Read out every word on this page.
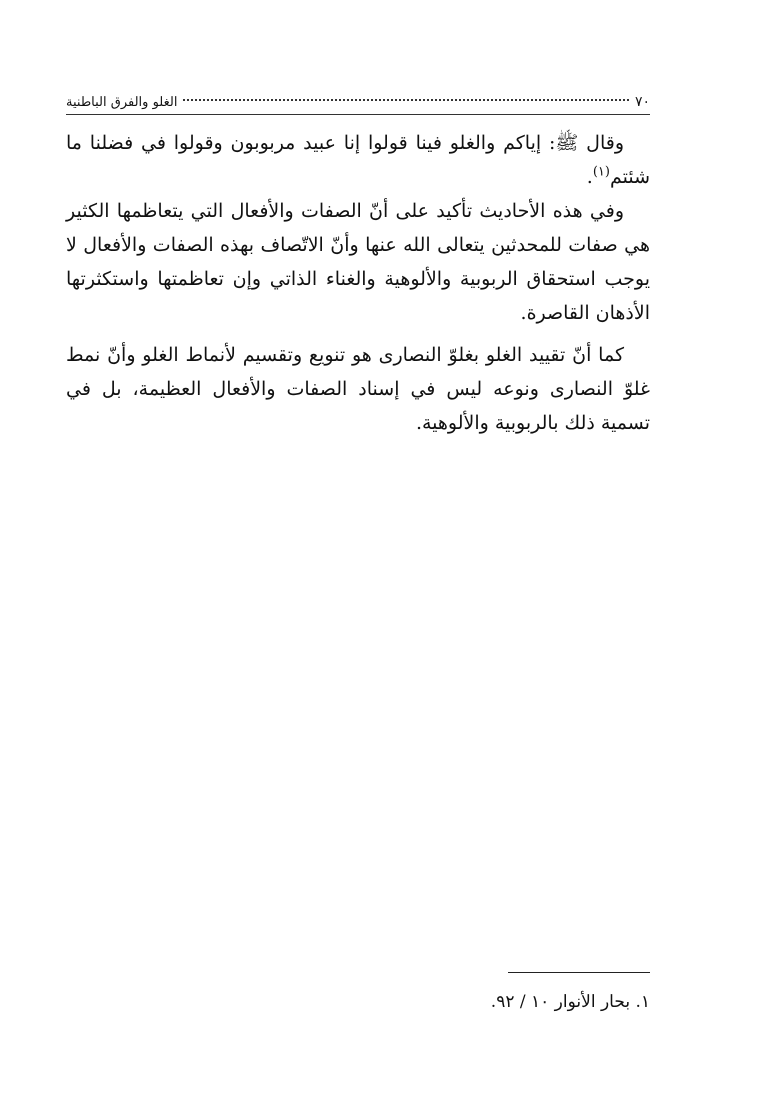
٧٠
الغلو والفرق الباطنية

وقال ﷺ: إياكم والغلو فينا قولوا إنا عبيد مربوبون وقولوا في فضلنا ما شئتم$^{(١)}$.

وفي هذه الأحاديث تأكيد على أنّ الصفات والأفعال التي يتعاظمها الكثير هي صفات للمحدثين يتعالى الله عنها وأنّ الاتّصاف بهذه الصفات والأفعال لا يوجب استحقاق الربوبية والألوهية والغناء الذاتي وإن تعاظمتها واستكثرتها الأذهان القاصرة.

كما أنّ تقييد الغلو بغلوّ النصارى هو تنويع وتقسيم لأنماط الغلو وأنّ نمط غلوّ النصارى ونوعه ليس في إسناد الصفات والأفعال العظيمة، بل في تسمية ذلك بالربوبية والألوهية.

١. بحار الأنوار ١٠ / ٩٢.
